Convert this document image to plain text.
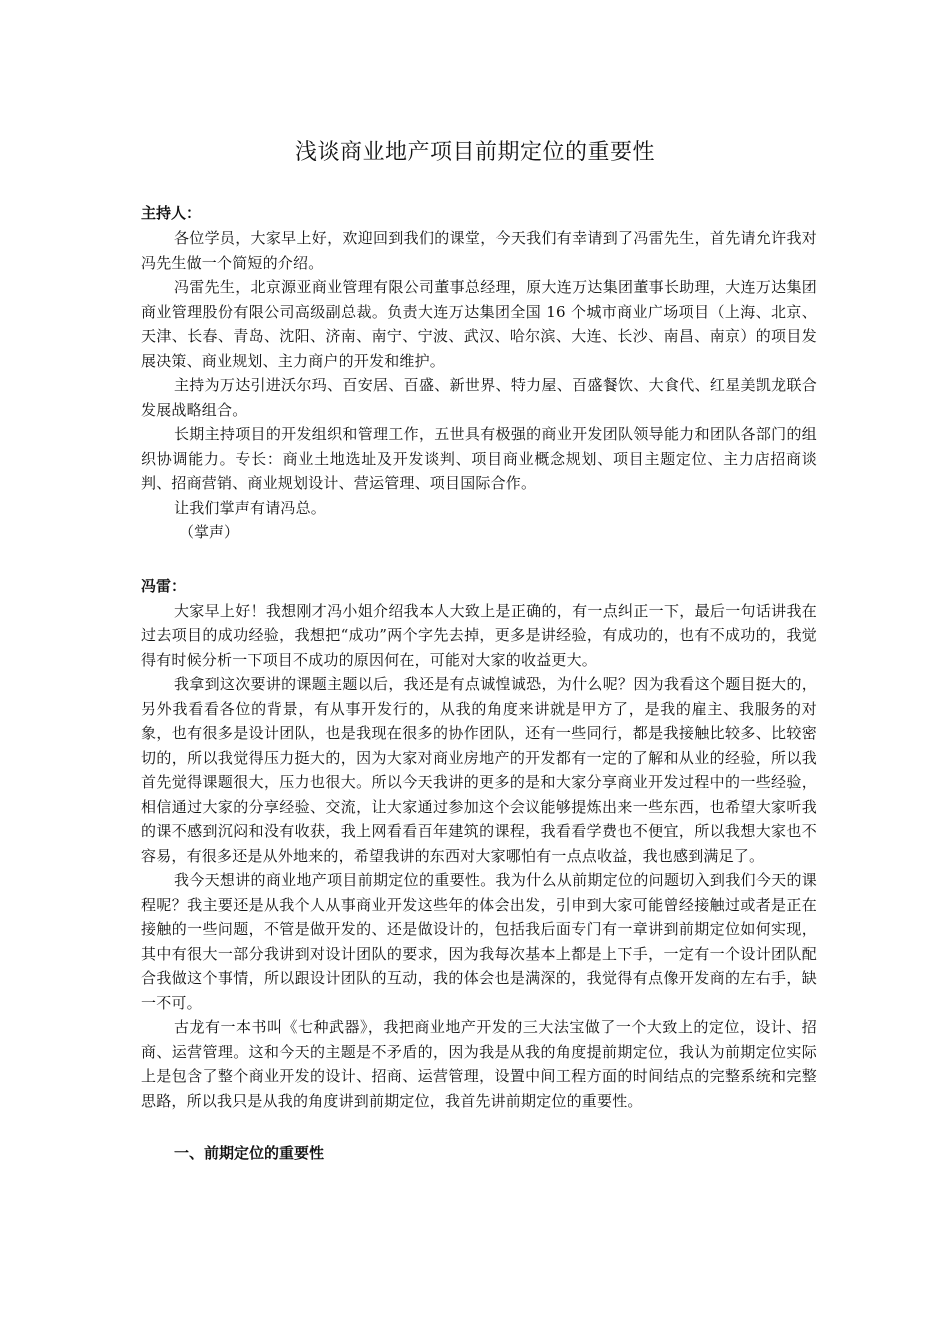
浅谈商业地产项目前期定位的重要性

主持人：

各位学员，大家早上好，欢迎回到我们的课堂，今天我们有幸请到了冯雷先生，首先请允许我对冯先生做一个简短的介绍。

冯雷先生，北京源亚商业管理有限公司董事总经理，原大连万达集团董事长助理，大连万达集团商业管理股份有限公司高级副总裁。负责大连万达集团全国 16 个城市商业广场项目（上海、北京、天津、长春、青岛、沈阳、济南、南宁、宁波、武汉、哈尔滨、大连、长沙、南昌、南京）的项目发展决策、商业规划、主力商户的开发和维护。

主持为万达引进沃尔玛、百安居、百盛、新世界、特力屋、百盛餐饮、大食代、红星美凯龙联合发展战略组合。

长期主持项目的开发组织和管理工作，五世具有极强的商业开发团队领导能力和团队各部门的组织协调能力。专长：商业土地选址及开发谈判、项目商业概念规划、项目主题定位、主力店招商谈判、招商营销、商业规划设计、营运管理、项目国际合作。

让我们掌声有请冯总。

（掌声）

冯雷：

大家早上好！我想刚才冯小姐介绍我本人大致上是正确的，有一点纠正一下，最后一句话讲我在过去项目的成功经验，我想把“成功”两个字先去掉，更多是讲经验，有成功的，也有不成功的，我觉得有时候分析一下项目不成功的原因何在，可能对大家的收益更大。

我拿到这次要讲的课题主题以后，我还是有点诚惶诚恐，为什么呢？因为我看这个题目挺大的，另外我看看各位的背景，有从事开发行的，从我的角度来讲就是甲方了，是我的雇主、我服务的对象，也有很多是设计团队，也是我现在很多的协作团队，还有一些同行，都是我接触比较多、比较密切的，所以我觉得压力挺大的，因为大家对商业房地产的开发都有一定的了解和从业的经验，所以我首先觉得课题很大，压力也很大。所以今天我讲的更多的是和大家分享商业开发过程中的一些经验，相信通过大家的分享经验、交流，让大家通过参加这个会议能够提炼出来一些东西，也希望大家听我的课不感到沉闷和没有收获，我上网看看百年建筑的课程，我看看学费也不便宜，所以我想大家也不容易，有很多还是从外地来的，希望我讲的东西对大家哪怕有一点点收益，我也感到满足了。

我今天想讲的商业地产项目前期定位的重要性。我为什么从前期定位的问题切入到我们今天的课程呢？我主要还是从我个人从事商业开发这些年的体会出发，引申到大家可能曾经接触过或者是正在接触的一些问题，不管是做开发的、还是做设计的，包括我后面专门有一章讲到前期定位如何实现，其中有很大一部分我讲到对设计团队的要求，因为我每次基本上都是上下手，一定有一个设计团队配合我做这个事情，所以跟设计团队的互动，我的体会也是满深的，我觉得有点像开发商的左右手，缺一不可。

古龙有一本书叫《七种武器》，我把商业地产开发的三大法宝做了一个大致上的定位，设计、招商、运营管理。这和今天的主题是不矛盾的，因为我是从我的角度提前期定位，我认为前期定位实际上是包含了整个商业开发的设计、招商、运营管理，设置中间工程方面的时间结点的完整系统和完整思路，所以我只是从我的角度讲到前期定位，我首先讲前期定位的重要性。

一、前期定位的重要性
